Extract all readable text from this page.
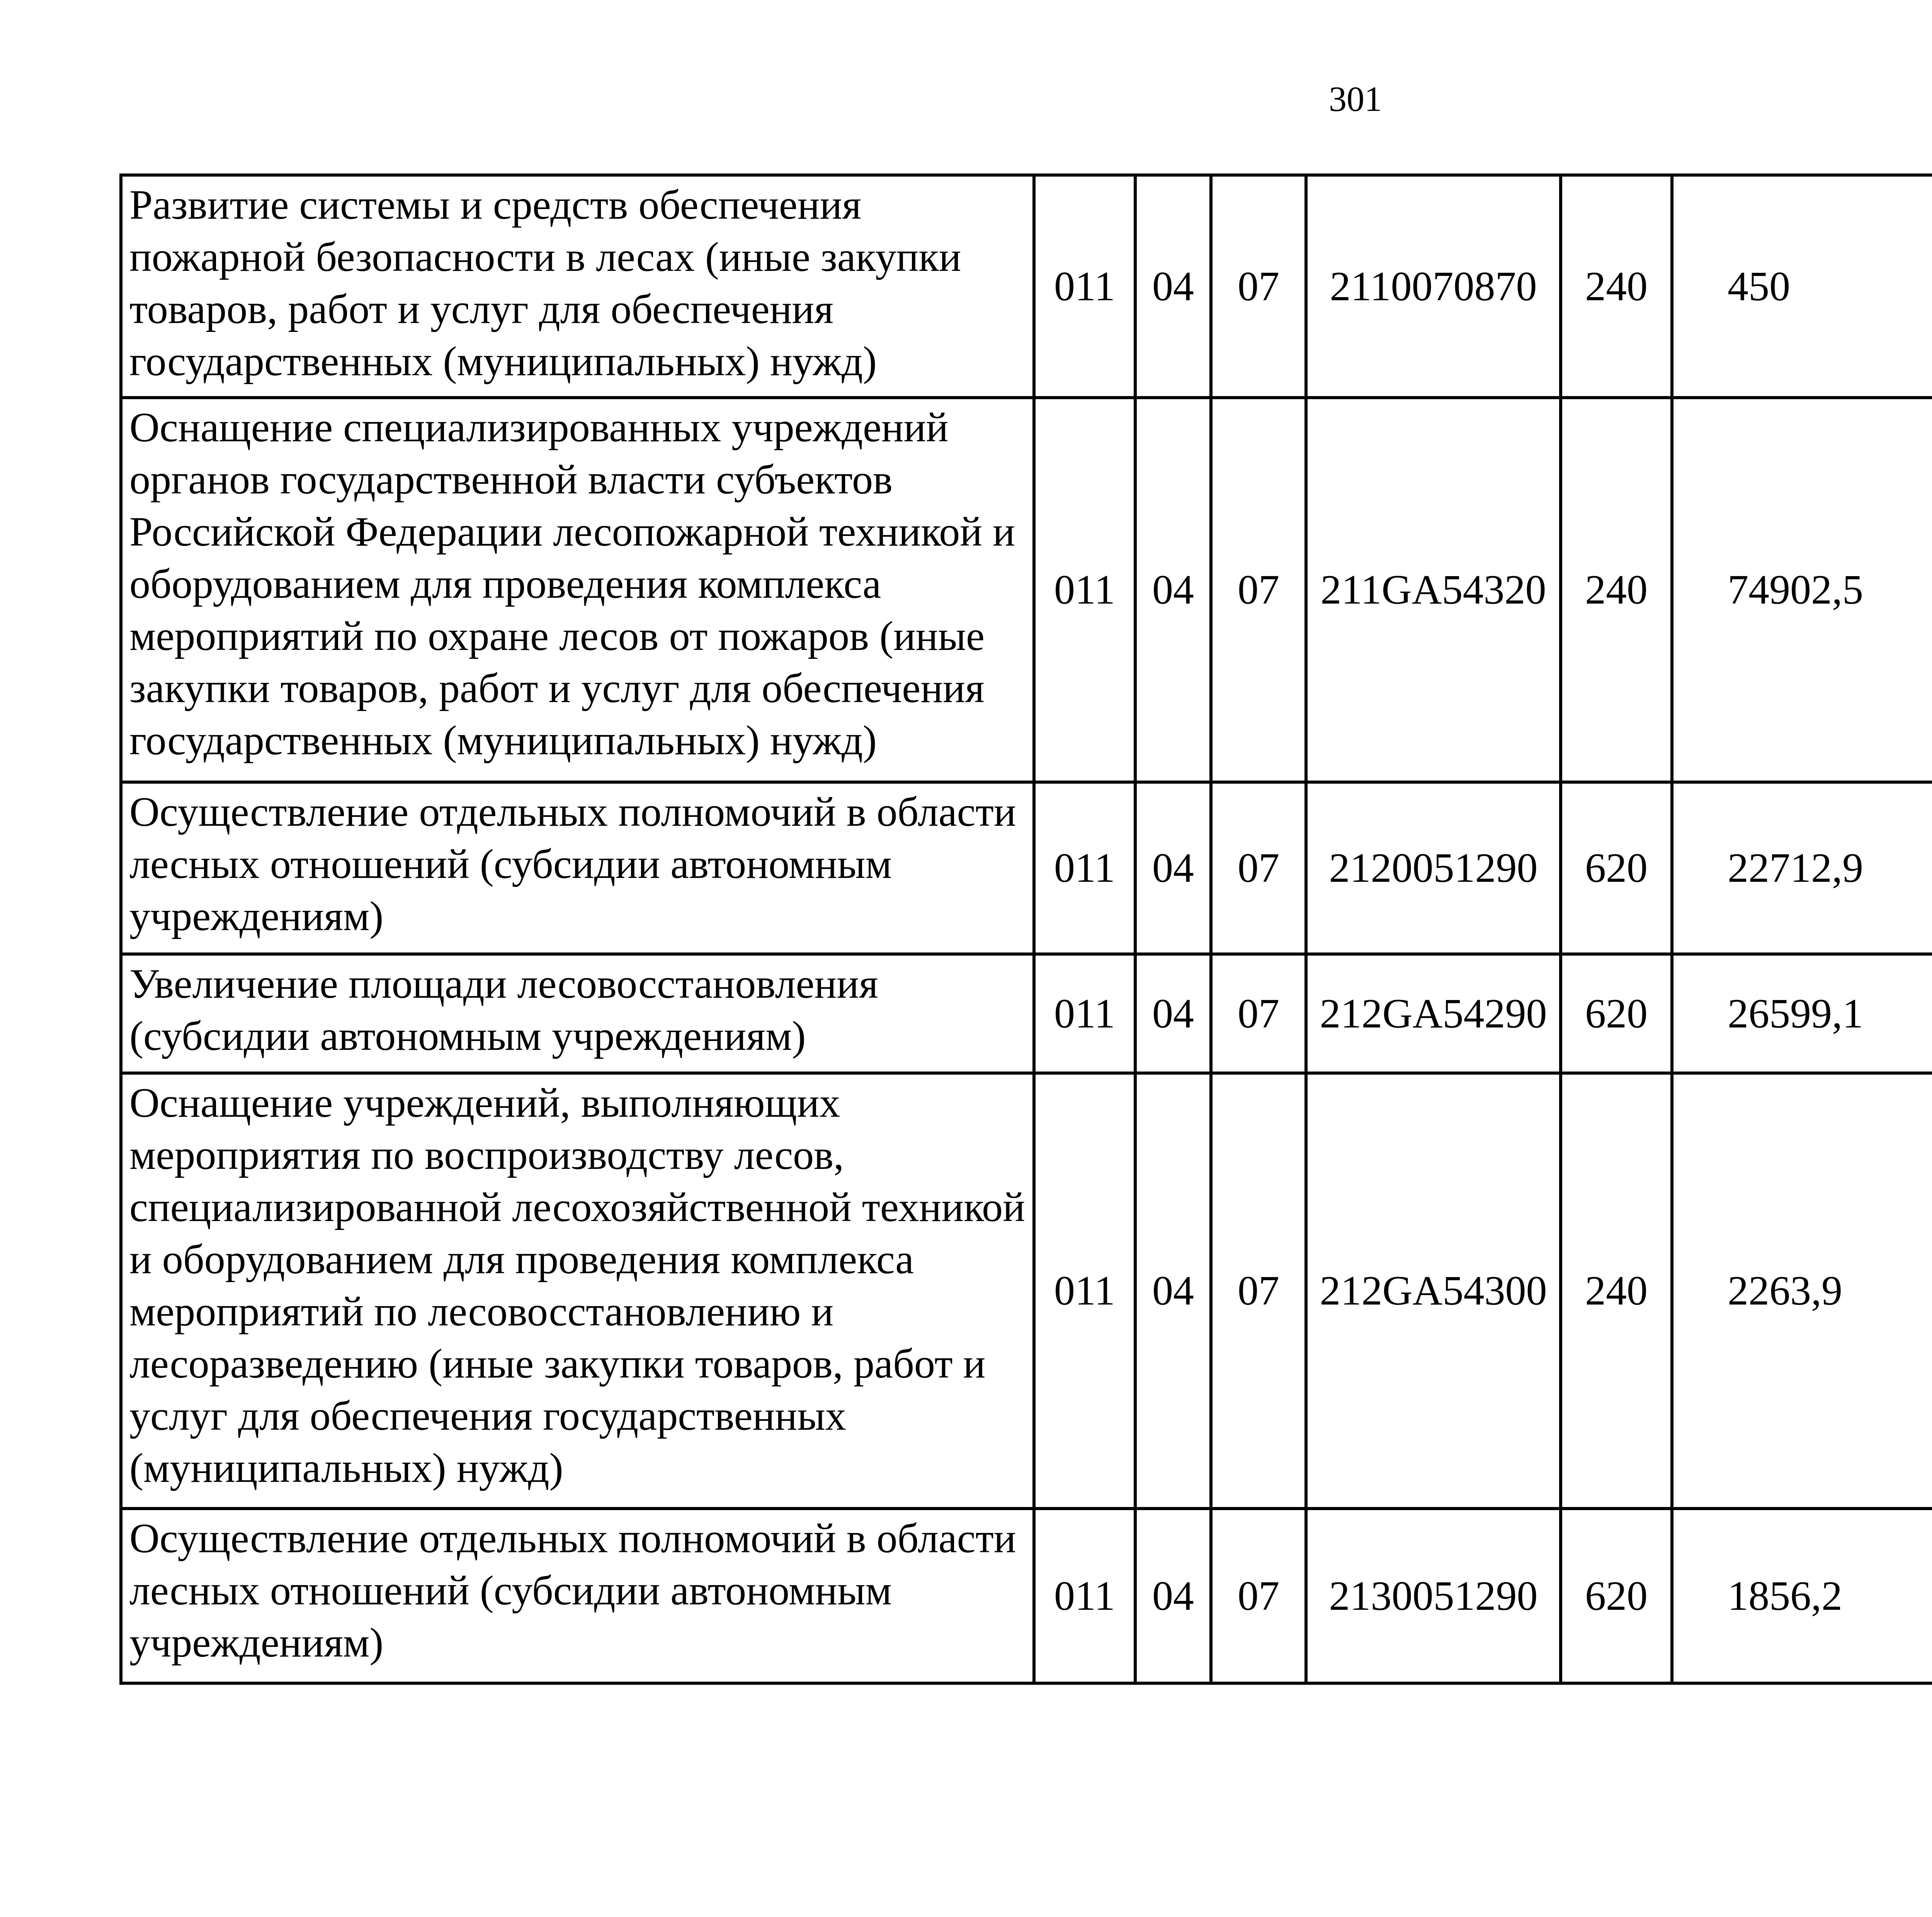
301
Развитие системы и средств обеспечения пожарной безопасности в лесах (иные закупки товаров, работ и услуг для обеспечения государственных (муниципальных) нужд)	011	04	07	2110070870	240	450		
Оснащение специализированных учреждений органов государственной власти субъектов Российской Федерации лесопожарной техникой и оборудованием для проведения комплекса мероприятий по охране лесов от пожаров (иные закупки товаров, работ и услуг для обеспечения государственных (муниципальных) нужд)	011	04	07	211GA54320	240	74902,5		
Осуществление отдельных полномочий в области лесных отношений (субсидии автономным учреждениям)	011	04	07	2120051290	620	22712,9		
Увеличение площади лесовосстановления (субсидии автономным учреждениям)	011	04	07	212GA54290	620	26599,1		
Оснащение учреждений, выполняющих мероприятия по воспроизводству лесов, специализированной лесохозяйственной техникой и оборудованием для проведения комплекса мероприятий по лесовосстановлению и лесоразведению (иные закупки товаров, работ и услуг для обеспечения государственных (муниципальных) нужд)	011	04	07	212GA54300	240	2263,9		
Осуществление отдельных полномочий в области лесных отношений (субсидии автономным учреждениям)	011	04	07	2130051290	620	1856,2		
